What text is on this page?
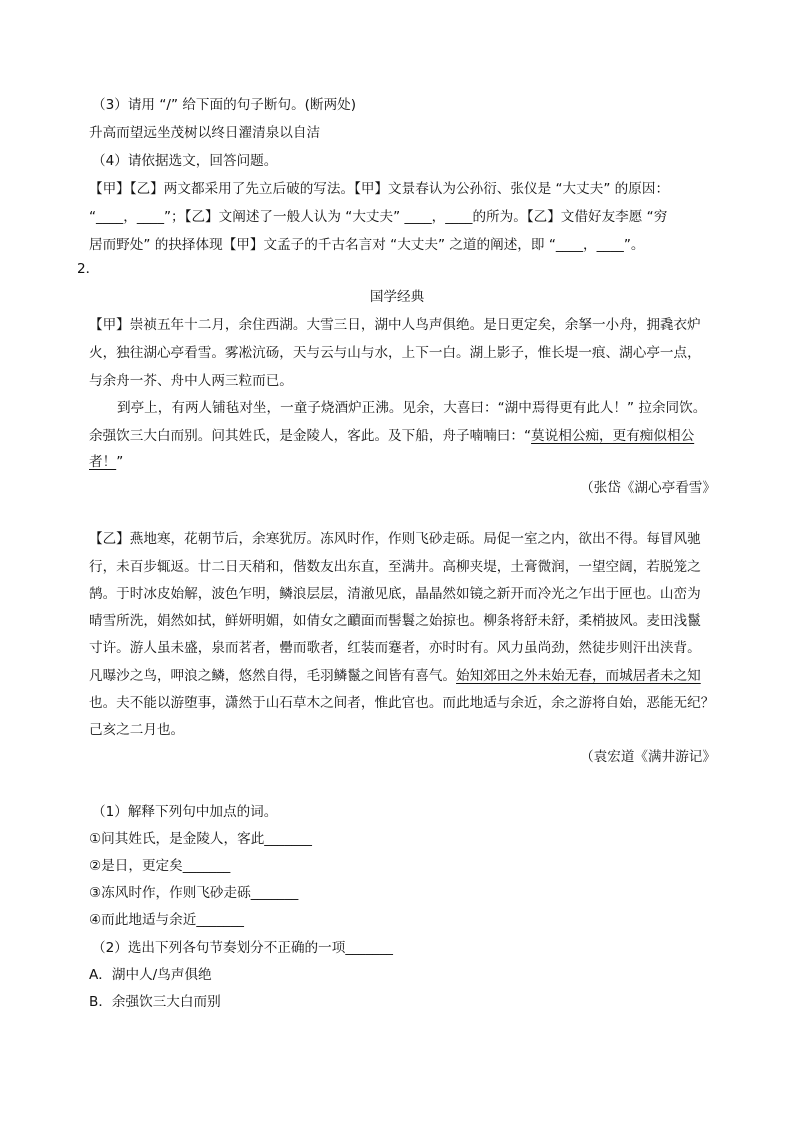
（3）请用 “/” 给下面的句子断句。(断两处)
升高而望远坐茂树以终日濯清泉以自洁
（4）请依据选文，回答问题。
【甲】【乙】两文都采用了先立后破的写法。【甲】文景春认为公孙衍、张仪是 “大丈夫” 的原因：
“____，____”；【乙】文阐述了一般人认为 “大丈夫” ____，____的所为。【乙】文借好友李愿 “穷
居而野处” 的抉择体现【甲】文孟子的千古名言对 “大丈夫” 之道的阐述，即 “____，____”。
2．
国学经典
【甲】崇祯五年十二月，余住西湖。大雪三日，湖中人鸟声俱绝。是日更定矣，余拏一小舟，拥毳衣炉
火，独往湖心亭看雪。雾凇沆砀，天与云与山与水，上下一白。湖上影子，惟长堤一痕、湖心亭一点，
与余舟一芥、舟中人两三粒而已。
到亭上，有两人铺毡对坐，一童子烧酒炉正沸。见余，大喜曰：“湖中焉得更有此人！” 拉余同饮。
余强饮三大白而别。问其姓氏，是金陵人，客此。及下船，舟子喃喃曰：“莫说相公痴，更有痴似相公
者！”
（张岱《湖心亭看雪》
【乙】燕地寒，花朝节后，余寒犹厉。冻风时作，作则飞砂走砾。局促一室之内，欲出不得。每冒风驰
行，未百步辄返。廿二日天稍和，偕数友出东直，至满井。高柳夹堤，土膏微润，一望空阔，若脱笼之
鹄。于时冰皮始解，波色乍明，鳞浪层层，清澈见底，晶晶然如镜之新开而冷光之乍出于匣也。山峦为
晴雪所洗，娟然如拭，鲜妍明媚，如倩女之靧面而髻鬟之始掠也。柳条将舒未舒，柔梢披风。麦田浅鬣
寸许。游人虽未盛，泉而茗者，罍而歌者，红装而蹇者，亦时时有。风力虽尚劲，然徒步则汗出浃背。
凡曝沙之鸟，呷浪之鳞，悠然自得，毛羽鳞鬣之间皆有喜气。始知郊田之外未始无春，而城居者未之知
也。夫不能以游堕事，潇然于山石草木之间者，惟此官也。而此地适与余近，余之游将自始，恶能无纪？
己亥之二月也。
（袁宏道《满井游记》
（1）解释下列句中加点的词。
①问其姓氏，是金陵人，客此_______
②是日，更定矣_______
③冻风时作，作则飞砂走砾_______
④而此地适与余近_______
（2）选出下列各句节奏划分不正确的一项_______
A．湖中人/鸟声俱绝
B．余强饮三大白而别
